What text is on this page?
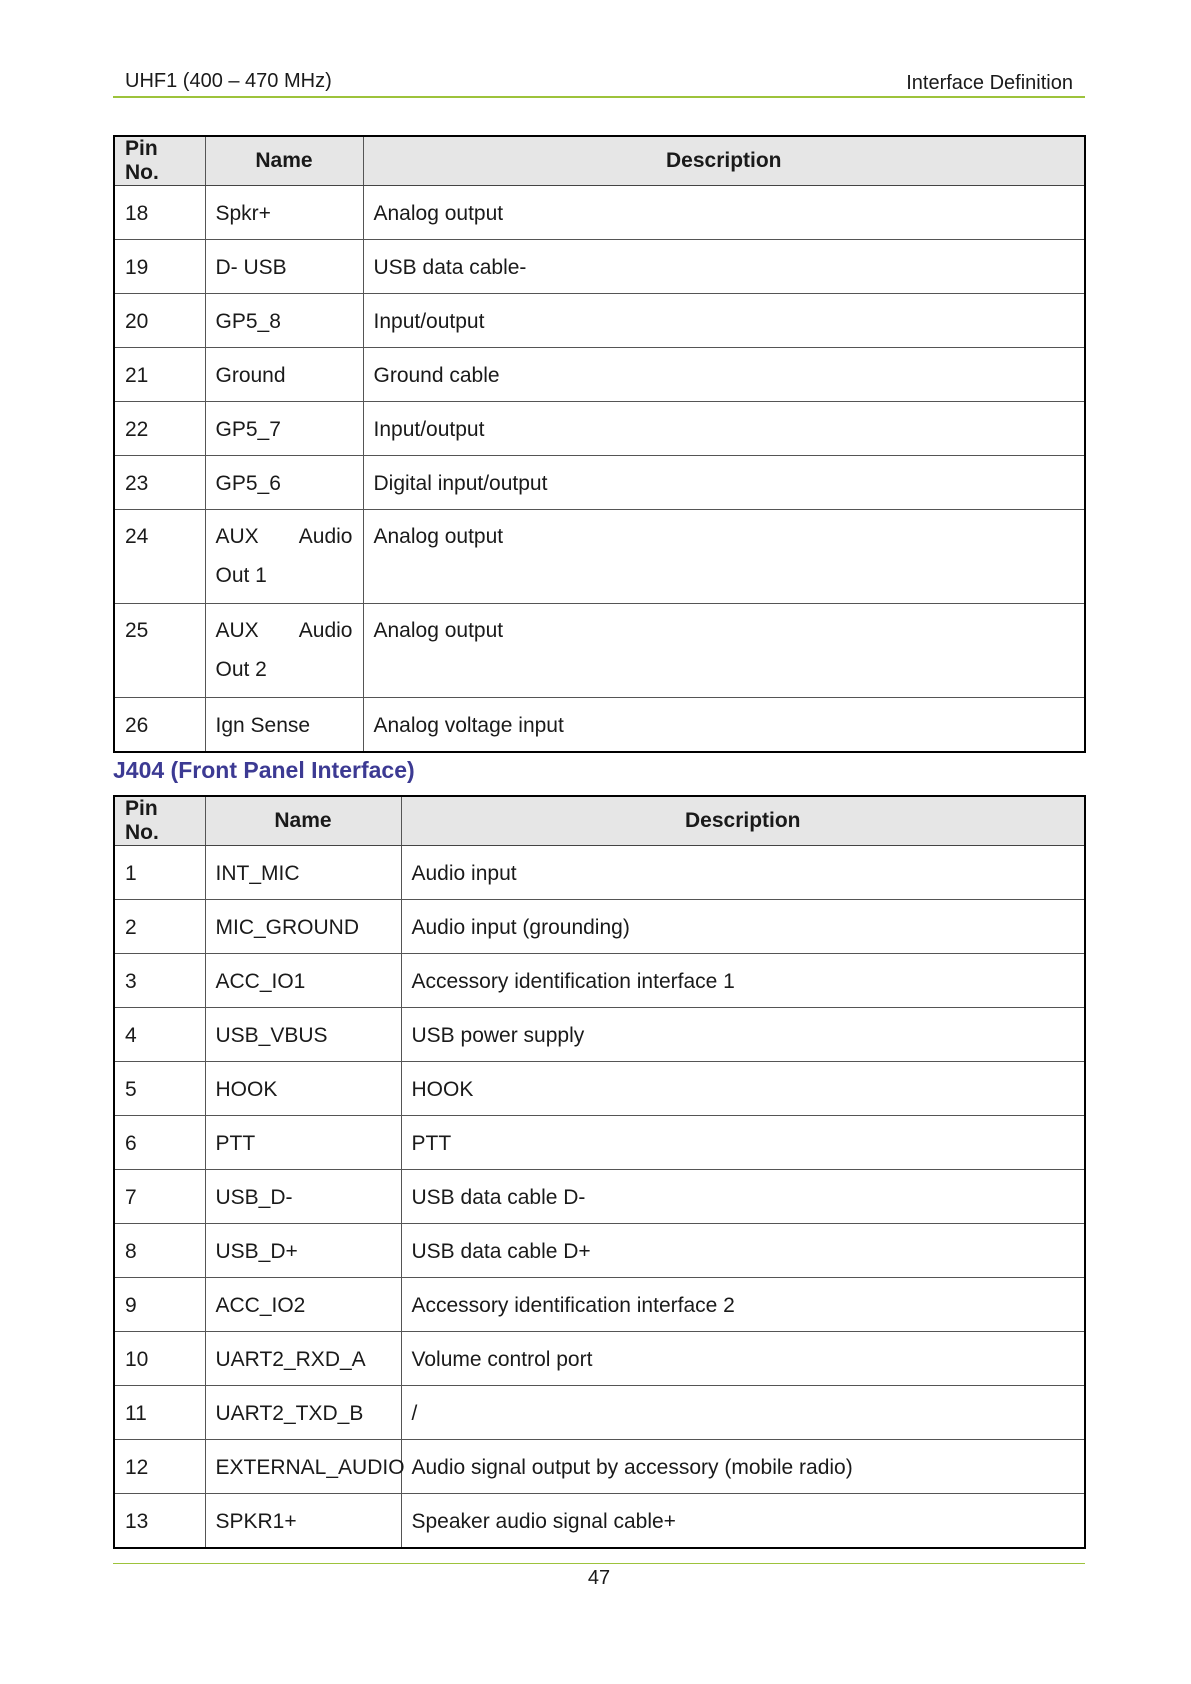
UHF1 (400 – 470 MHz)	Interface Definition
Pin No.	Name	Description
18	Spkr+	Analog output
19	D- USB	USB data cable-
20	GP5_8	Input/output
21	Ground	Ground cable
22	GP5_7	Input/output
23	GP5_6	Digital input/output
24	AUX Audio Out 1	Analog output
25	AUX Audio Out 2	Analog output
26	Ign Sense	Analog voltage input
J404 (Front Panel Interface)
Pin No.	Name	Description
1	INT_MIC	Audio input
2	MIC_GROUND	Audio input (grounding)
3	ACC_IO1	Accessory identification interface 1
4	USB_VBUS	USB power supply
5	HOOK	HOOK
6	PTT	PTT
7	USB_D-	USB data cable D-
8	USB_D+	USB data cable D+
9	ACC_IO2	Accessory identification interface 2
10	UART2_RXD_A	Volume control port
11	UART2_TXD_B	/
12	EXTERNAL_AUDIO	Audio signal output by accessory (mobile radio)
13	SPKR1+	Speaker audio signal cable+
47
